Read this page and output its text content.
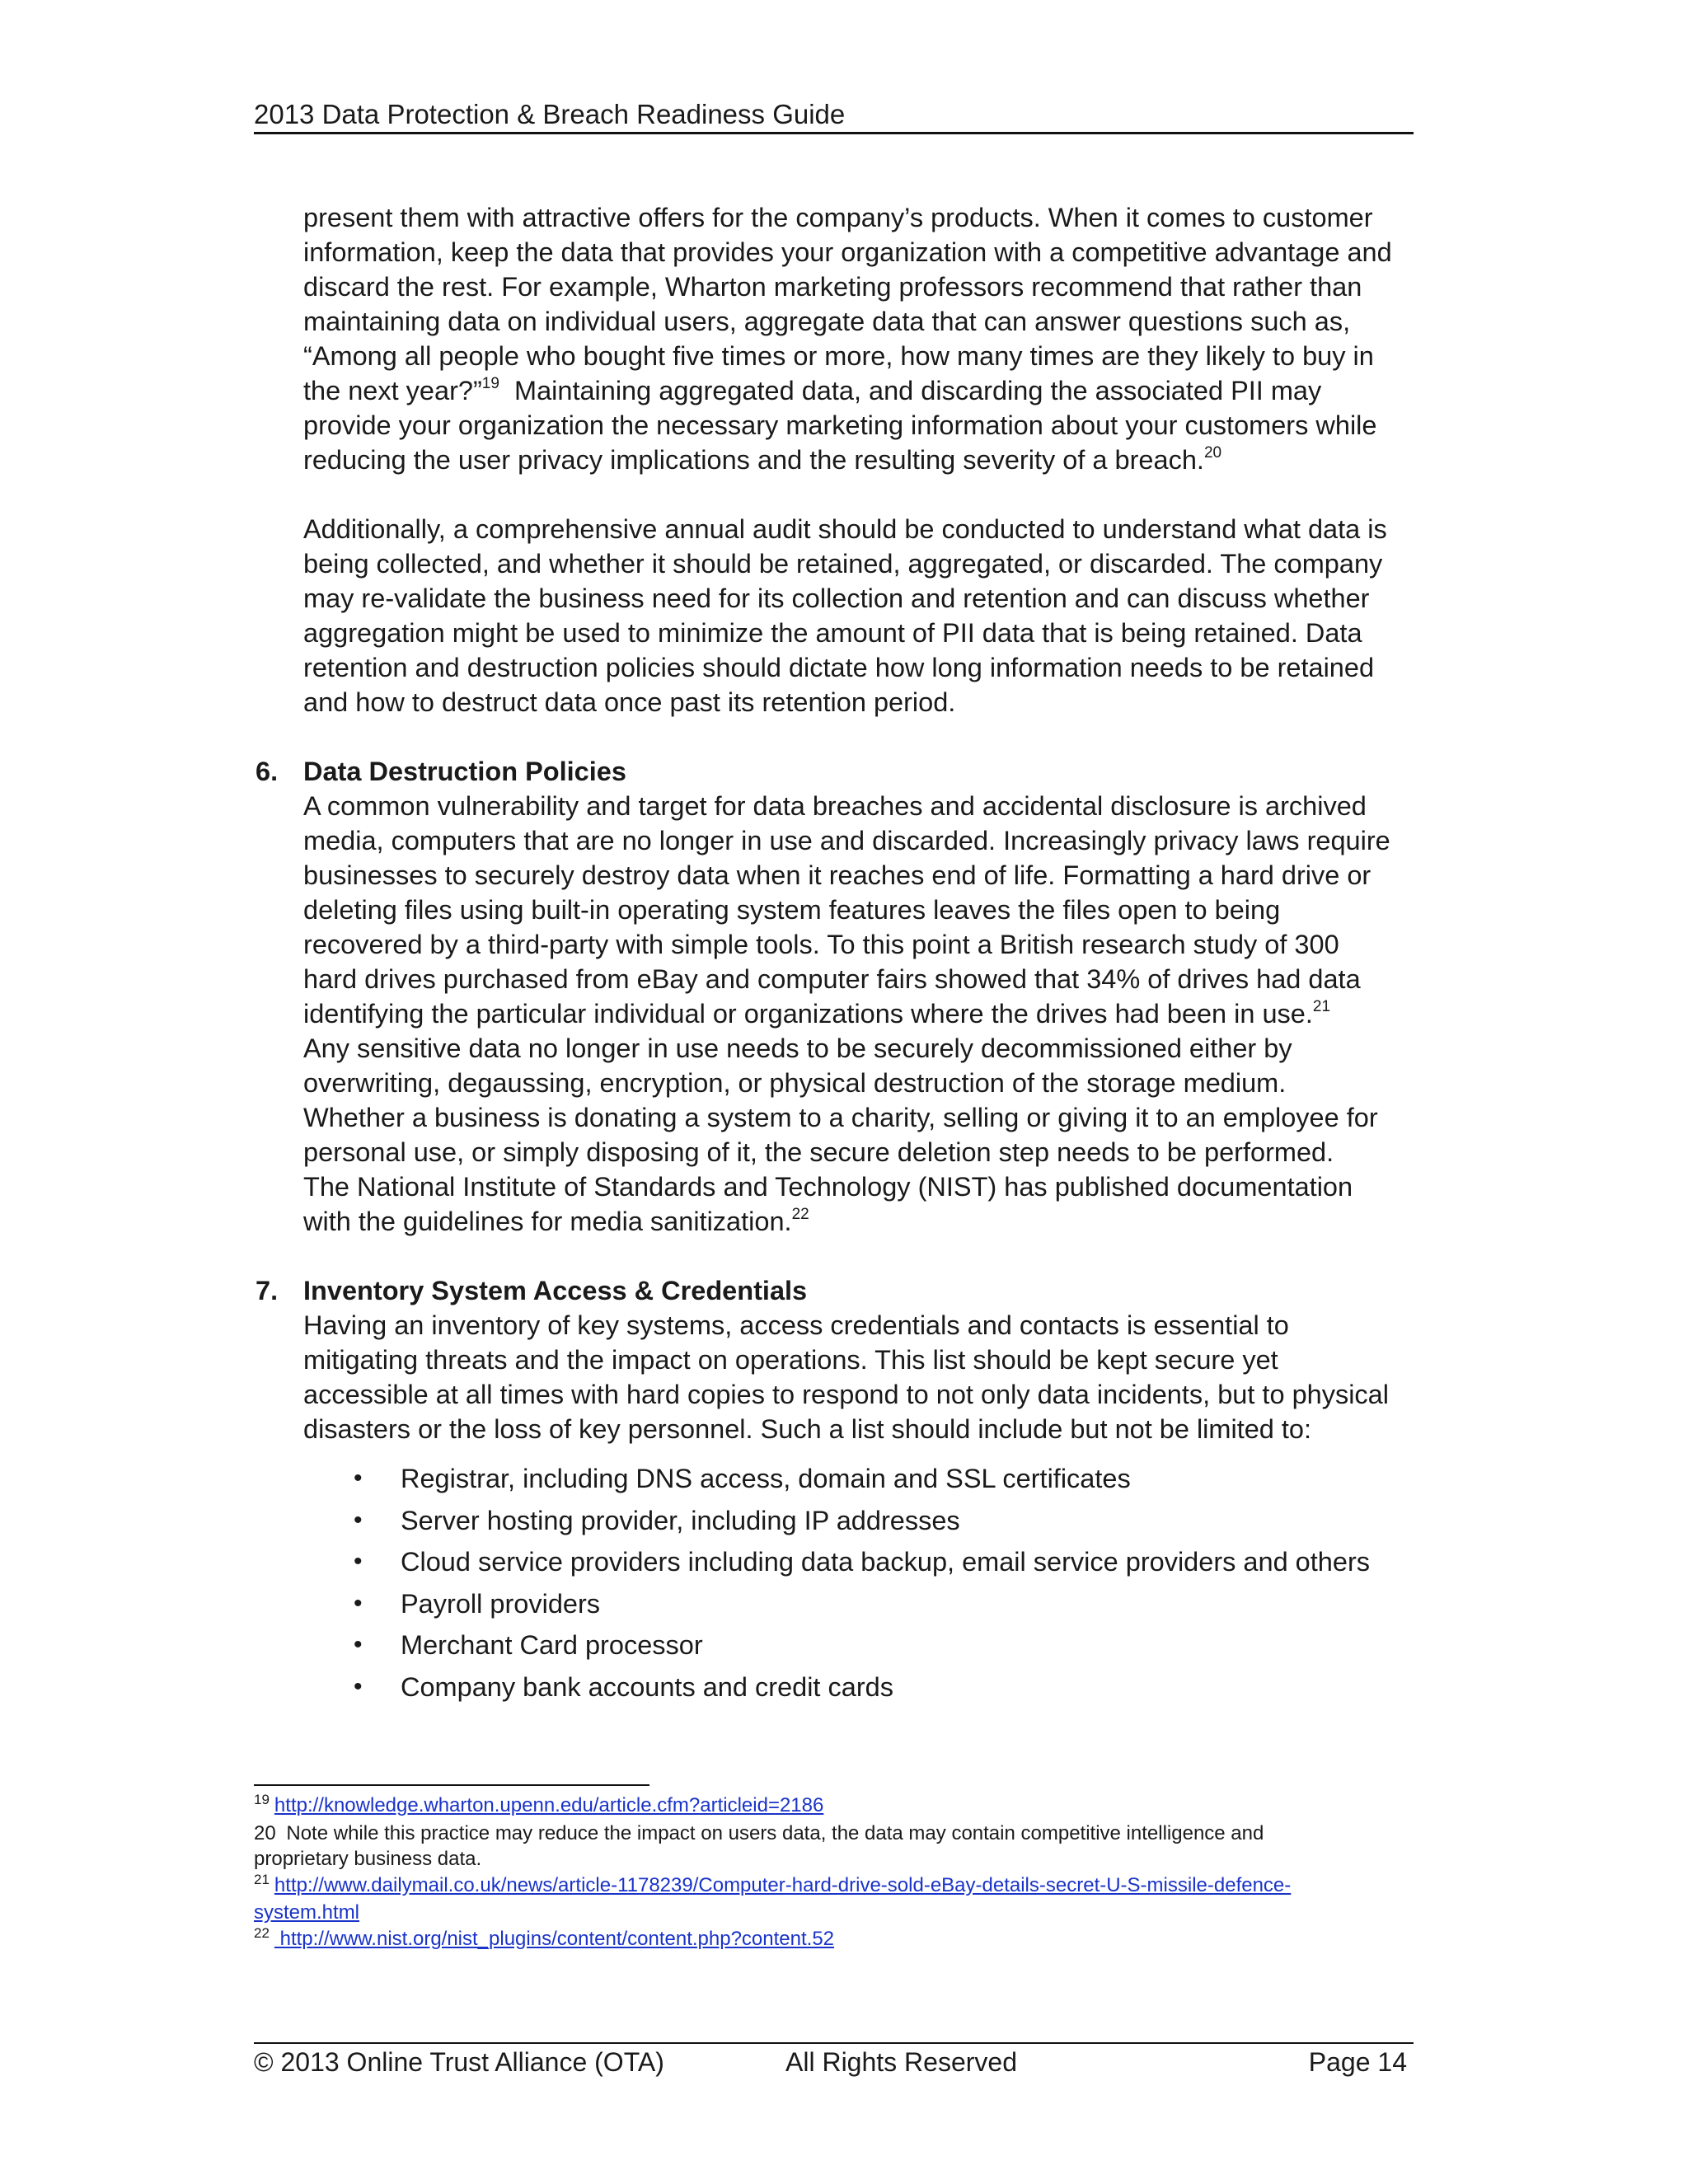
2013 Data Protection & Breach Readiness Guide

present them with attractive offers for the company’s products. When it comes to customer
information, keep the data that provides your organization with a competitive advantage and
discard the rest. For example, Wharton marketing professors recommend that rather than
maintaining data on individual users, aggregate data that can answer questions such as,
“Among all people who bought five times or more, how many times are they likely to buy in
the next year?”$^{19}$  Maintaining aggregated data, and discarding the associated PII may
provide your organization the necessary marketing information about your customers while
reducing the user privacy implications and the resulting severity of a breach.$^{20}$

Additionally, a comprehensive annual audit should be conducted to understand what data is
being collected, and whether it should be retained, aggregated, or discarded. The company
may re-validate the business need for its collection and retention and can discuss whether
aggregation might be used to minimize the amount of PII data that is being retained. Data
retention and destruction policies should dictate how long information needs to be retained
and how to destruct data once past its retention period.

6. Data Destruction Policies
A common vulnerability and target for data breaches and accidental disclosure is archived
media, computers that are no longer in use and discarded. Increasingly privacy laws require
businesses to securely destroy data when it reaches end of life. Formatting a hard drive or
deleting files using built-in operating system features leaves the files open to being
recovered by a third-party with simple tools. To this point a British research study of 300
hard drives purchased from eBay and computer fairs showed that 34% of drives had data
identifying the particular individual or organizations where the drives had been in use.$^{21}$
Any sensitive data no longer in use needs to be securely decommissioned either by
overwriting, degaussing, encryption, or physical destruction of the storage medium.
Whether a business is donating a system to a charity, selling or giving it to an employee for
personal use, or simply disposing of it, the secure deletion step needs to be performed.
The National Institute of Standards and Technology (NIST) has published documentation
with the guidelines for media sanitization.$^{22}$
7. Inventory System Access & Credentials
Having an inventory of key systems, access credentials and contacts is essential to
mitigating threats and the impact on operations. This list should be kept secure yet
accessible at all times with hard copies to respond to not only data incidents, but to physical
disasters or the loss of key personnel. Such a list should include but not be limited to:
• Registrar, including DNS access, domain and SSL certificates
• Server hosting provider, including IP addresses
• Cloud service providers including data backup, email service providers and others
• Payroll providers
• Merchant Card processor
• Company bank accounts and credit cards

$^{19}$ http://knowledge.wharton.upenn.edu/article.cfm?articleid=2186

20 Note while this practice may reduce the impact on users data, the data may contain competitive intelligence and
proprietary business data.

$^{21}$ http://www.dailymail.co.uk/news/article-1178239/Computer-hard-drive-sold-eBay-details-secret-U-S-missile-defence-
system.html

$^{22}$ http://www.nist.org/nist_plugins/content/content.php?content.52

© 2013 Online Trust Alliance (OTA)	All Rights Reserved	Page 14
